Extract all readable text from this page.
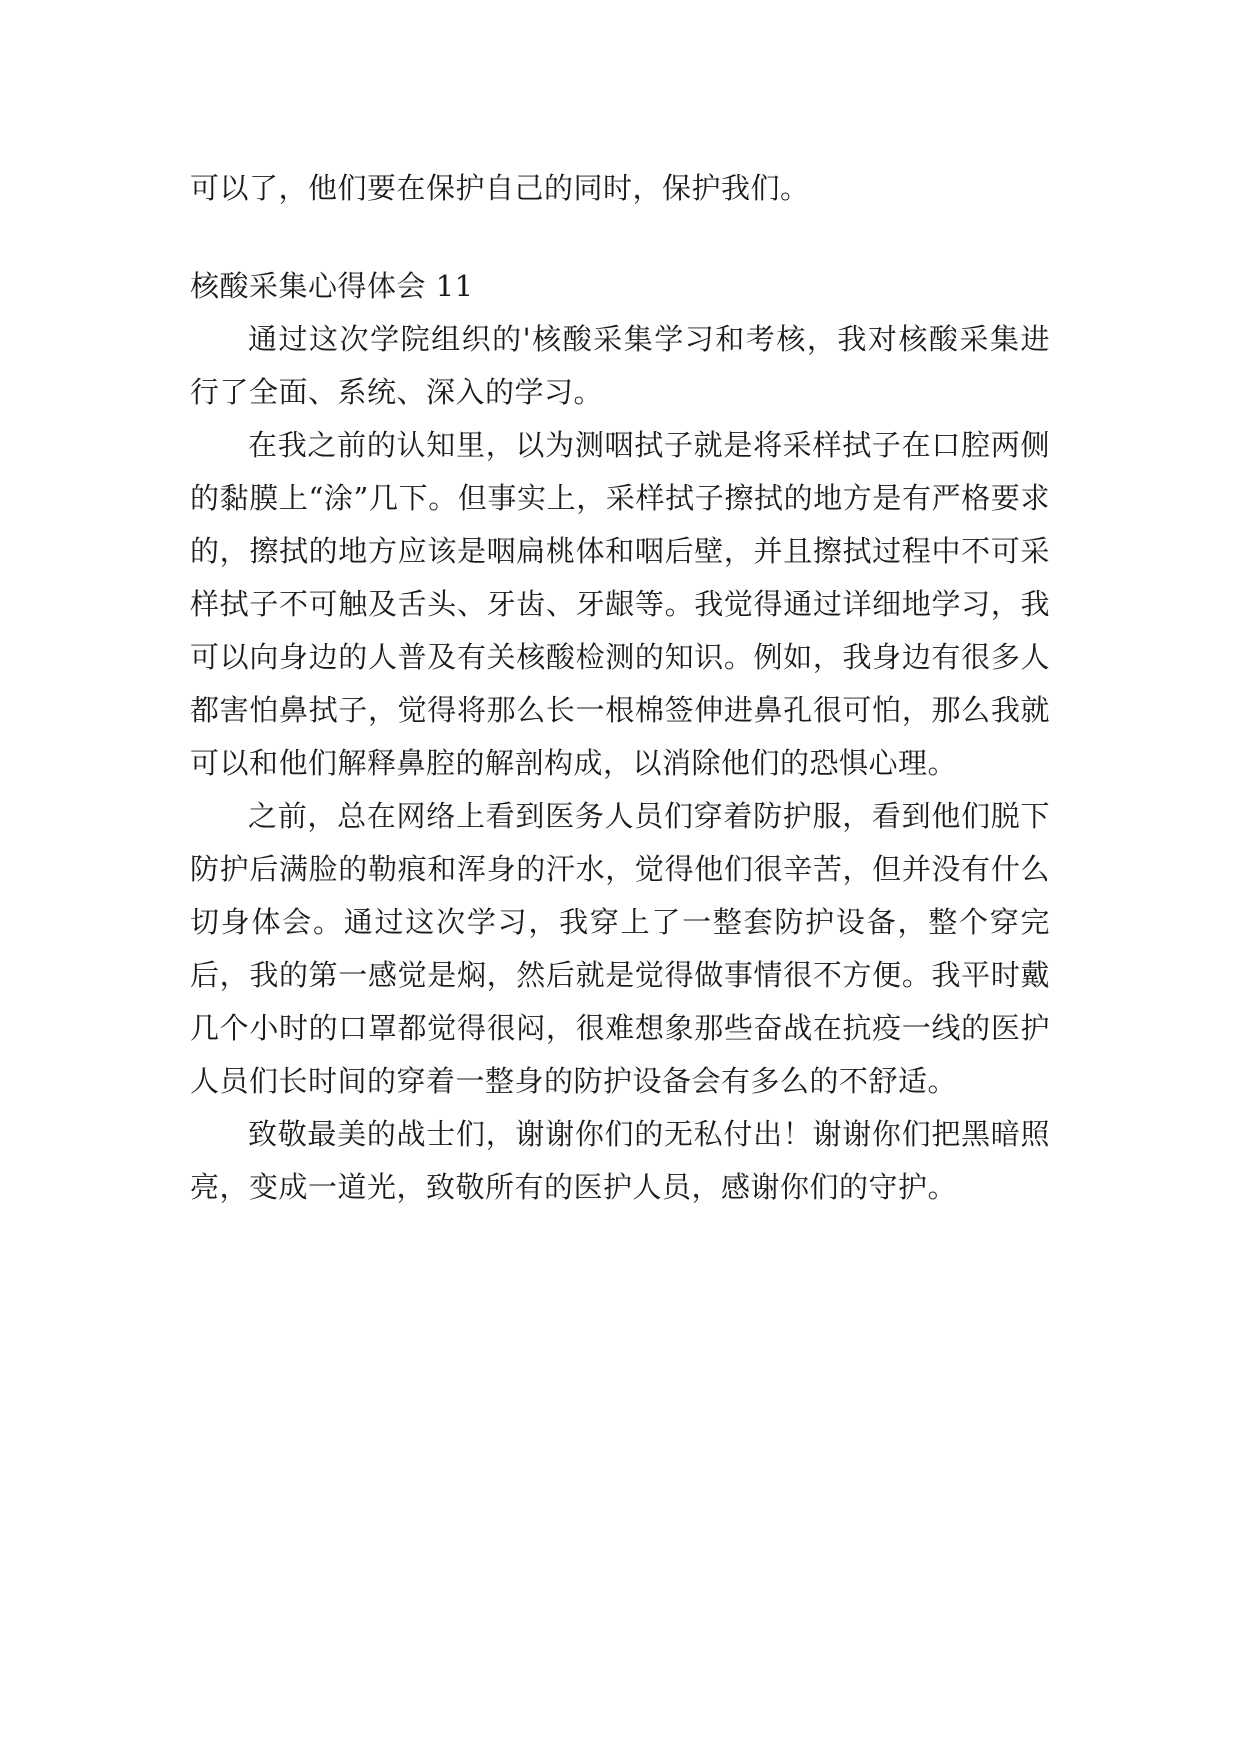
可以了，他们要在保护自己的同时，保护我们。

核酸采集心得体会 11

通过这次学院组织的'核酸采集学习和考核，我对核酸采集进行了全面、系统、深入的学习。

在我之前的认知里，以为测咽拭子就是将采样拭子在口腔两侧的黏膜上“涂”几下。但事实上，采样拭子擦拭的地方是有严格要求的，擦拭的地方应该是咽扁桃体和咽后壁，并且擦拭过程中不可采样拭子不可触及舌头、牙齿、牙龈等。我觉得通过详细地学习，我可以向身边的人普及有关核酸检测的知识。例如，我身边有很多人都害怕鼻拭子，觉得将那么长一根棉签伸进鼻孔很可怕，那么我就可以和他们解释鼻腔的解剖构成，以消除他们的恐惧心理。

之前，总在网络上看到医务人员们穿着防护服，看到他们脱下防护后满脸的勒痕和浑身的汗水，觉得他们很辛苦，但并没有什么切身体会。通过这次学习，我穿上了一整套防护设备，整个穿完后，我的第一感觉是焖，然后就是觉得做事情很不方便。我平时戴几个小时的口罩都觉得很闷，很难想象那些奋战在抗疫一线的医护人员们长时间的穿着一整身的防护设备会有多么的不舒适。

致敬最美的战士们，谢谢你们的无私付出！谢谢你们把黑暗照亮，变成一道光，致敬所有的医护人员，感谢你们的守护。
